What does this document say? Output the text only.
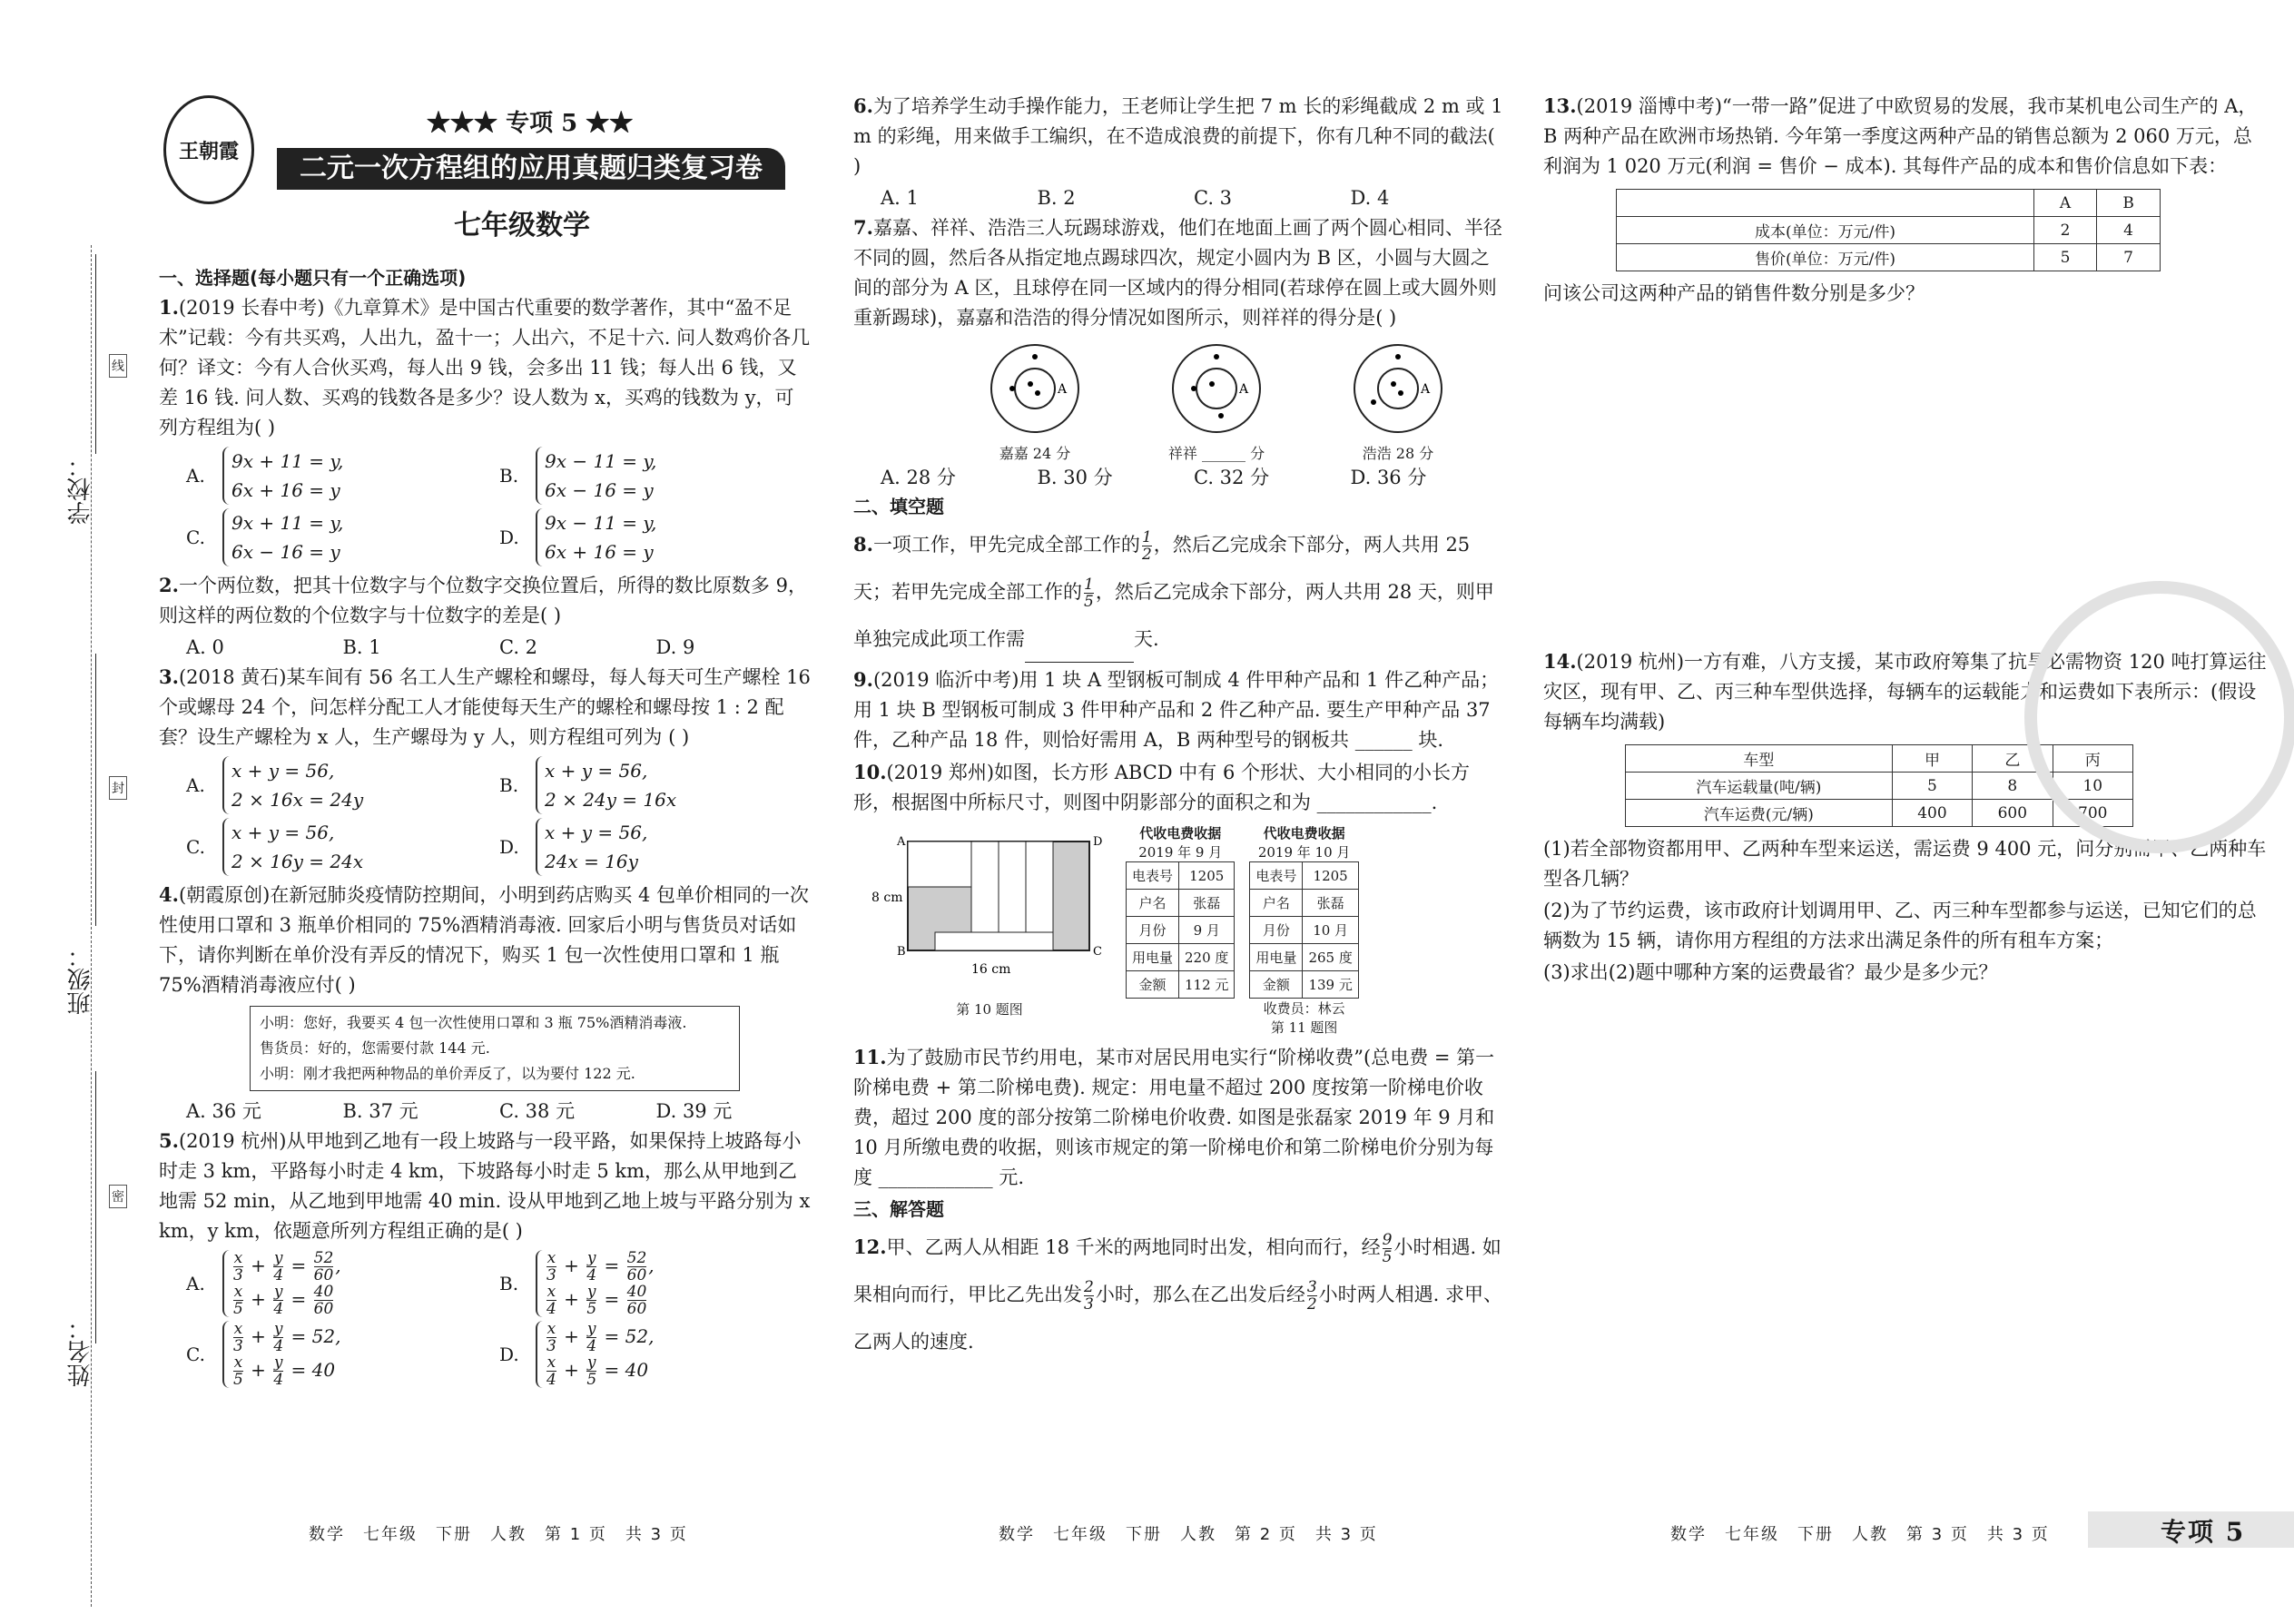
学校：
班级：
姓名：
线
封
密
王朝霞
★★★ 专项 5 ★★
二元一次方程组的应用真题归类复习卷
七年级数学
一、选择题(每小题只有一个正确选项)
1.(2019 长春中考)《九章算术》是中国古代重要的数学著作，其中“盈不足术”记载：今有共买鸡，人出九，盈十一；人出六，不足十六. 问人数鸡价各几何？译文：今有人合伙买鸡，每人出 9 钱，会多出 11 钱；每人出 6 钱，又差 16 钱. 问人数、买鸡的钱数各是多少？设人数为 x，买鸡的钱数为 y，可列方程组为( )
A.
9x + 11 = y,
6x + 16 = y
B.
9x − 11 = y,
6x − 16 = y
C.
9x + 11 = y,
6x − 16 = y
D.
9x − 11 = y,
6x + 16 = y
2.一个两位数，把其十位数字与个位数字交换位置后，所得的数比原数多 9，则这样的两位数的个位数字与十位数字的差是( )
A. 0	B. 1	C. 2	D. 9
3.(2018 黄石)某车间有 56 名工人生产螺栓和螺母，每人每天可生产螺栓 16 个或螺母 24 个，问怎样分配工人才能使每天生产的螺栓和螺母按 1 : 2 配套？设生产螺栓为 x 人，生产螺母为 y 人，则方程组可列为 ( )
A.
x + y = 56,
2 × 16x = 24y
B.
x + y = 56,
2 × 24y = 16x
C.
x + y = 56,
2 × 16y = 24x
D.
x + y = 56,
24x = 16y
4.(朝霞原创)在新冠肺炎疫情防控期间，小明到药店购买 4 包单价相同的一次性使用口罩和 3 瓶单价相同的 75%酒精消毒液. 回家后小明与售货员对话如下，请你判断在单价没有弄反的情况下，购买 1 包一次性使用口罩和 1 瓶 75%酒精消毒液应付( )
小明：您好，我要买 4 包一次性使用口罩和 3 瓶 75%酒精消毒液.
售货员：好的，您需要付款 144 元.
小明：刚才我把两种物品的单价弄反了，以为要付 122 元.
A. 36 元	B. 37 元	C. 38 元	D. 39 元
5.(2019 杭州)从甲地到乙地有一段上坡路与一段平路，如果保持上坡路每小时走 3 km，平路每小时走 4 km，下坡路每小时走 5 km，那么从甲地到乙地需 52 min，从乙地到甲地需 40 min. 设从甲地到乙地上坡与平路分别为 x km，y km，依题意所列方程组正确的是( )
A.	$\frac{x}{3} + \frac{y}{4} = \frac{52}{60}$ ,
$\frac{x}{5} + \frac{y}{4} = \frac{40}{60}$	B.	$\frac{x}{3} + \frac{y}{4} = \frac{52}{60}$ ,
$\frac{x}{4} + \frac{y}{5} = \frac{40}{60}$
C.	$\frac{x}{3} + \frac{y}{4} = 52$,
$\frac{x}{5} + \frac{y}{4} = 40$
D.	$\frac{x}{3} + \frac{y}{4} = 52$,
$\frac{x}{4} + \frac{y}{5} = 40$
6.为了培养学生动手操作能力，王老师让学生把 7 m 长的彩绳截成 2 m 或 1 m 的彩绳，用来做手工编织，在不造成浪费的前提下，你有几种不同的截法( )
A. 1	B. 2	C. 3	D. 4
7.嘉嘉、祥祥、浩浩三人玩踢球游戏，他们在地面上画了两个圆心相同、半径不同的圆，然后各从指定地点踢球四次，规定小圆内为 B 区，小圆与大圆之间的部分为 A 区，且球停在同一区域内的得分相同(若球停在圆上或大圆外则重新踢球)，嘉嘉和浩浩的得分情况如图所示，则祥祥的得分是( )
A
嘉嘉 24 分
A
祥祥 ______ 分
A
浩浩 28 分
A. 28 分	B. 30 分	C. 32 分	D. 36 分
二、填空题
8.一项工作，甲先完成全部工作的 $\frac{1}{2}$ ，然后乙完成余下部分，两人共用 25 天；若甲先完成全部工作的 $\frac{1}{5}$ ，然后乙完成余下部分，两人共用 28 天，则甲单独完成此项工作需	天.
9.(2019 临沂中考)用 1 块 A 型钢板可制成 4 件甲种产品和 1 件乙种产品；用 1 块 B 型钢板可制成 3 件甲种产品和 2 件乙种产品. 要生产甲种产品 37 件，乙种产品 18 件，则恰好需用 A，B 两种型号的钢板共 ______ 块.
10.(2019 郑州)如图，长方形 ABCD 中有 6 个形状、大小相同的小长方形，根据图中所标尺寸，则图中阴影部分的面积之和为 ____________.
A	D
B	C
8 cm
16 cm
第 10 题图
代收电费收据
2019 年 9 月
电表号	1205
户名	张磊
月份	9 月
用电量	220 度
金额	112 元
代收电费收据
2019 年 10 月
电表号	1205
户名	张磊
月份	10 月
用电量	265 度
金额	139 元
收费员：林云
第 11 题图
11.为了鼓励市民节约用电，某市对居民用电实行“阶梯收费”(总电费 = 第一阶梯电费 + 第二阶梯电费). 规定：用电量不超过 200 度按第一阶梯电价收费，超过 200 度的部分按第二阶梯电价收费. 如图是张磊家 2019 年 9 月和 10 月所缴电费的收据，则该市规定的第一阶梯电价和第二阶梯电价分别为每度 ____________ 元.
三、解答题
12.甲、乙两人从相距 18 千米的两地同时出发，相向而行，经 $\frac{9}{5}$ 小时相遇. 如果相向而行，甲比乙先出发 $\frac{2}{3}$ 小时，那么在乙出发后经 $\frac{3}{2}$ 小时两人相遇. 求甲、乙两人的速度.
13.(2019 淄博中考)“一带一路”促进了中欧贸易的发展，我市某机电公司生产的 A，B 两种产品在欧洲市场热销. 今年第一季度这两种产品的销售总额为 2 060 万元，总利润为 1 020 万元(利润 = 售价 − 成本). 其每件产品的成本和售价信息如下表：
	A	B
成本(单位：万元/件)	2	4
售价(单位：万元/件)	5	7
问该公司这两种产品的销售件数分别是多少？
14.(2019 杭州)一方有难，八方支援，某市政府筹集了抗旱必需物资 120 吨打算运往灾区，现有甲、乙、丙三种车型供选择，每辆车的运载能力和运费如下表所示：(假设每辆车均满载)
车型	甲	乙	丙
汽车运载量(吨/辆)	5	8	10
汽车运费(元/辆)	400	600	700
(1)若全部物资都用甲、乙两种车型来运送，需运费 9 400 元，问分别需甲、乙两种车型各几辆？
(2)为了节约运费，该市政府计划调用甲、乙、丙三种车型都参与运送，已知它们的总辆数为 15 辆，请你用方程组的方法求出满足条件的所有租车方案；
(3)求出(2)题中哪种方案的运费最省？最少是多少元？
数学　七年级　下册　人教　第 1 页　共 3 页	数学　七年级　下册　人教　第 2 页　共 3 页	数学　七年级　下册　人教　第 3 页　共 3 页	专项 5
